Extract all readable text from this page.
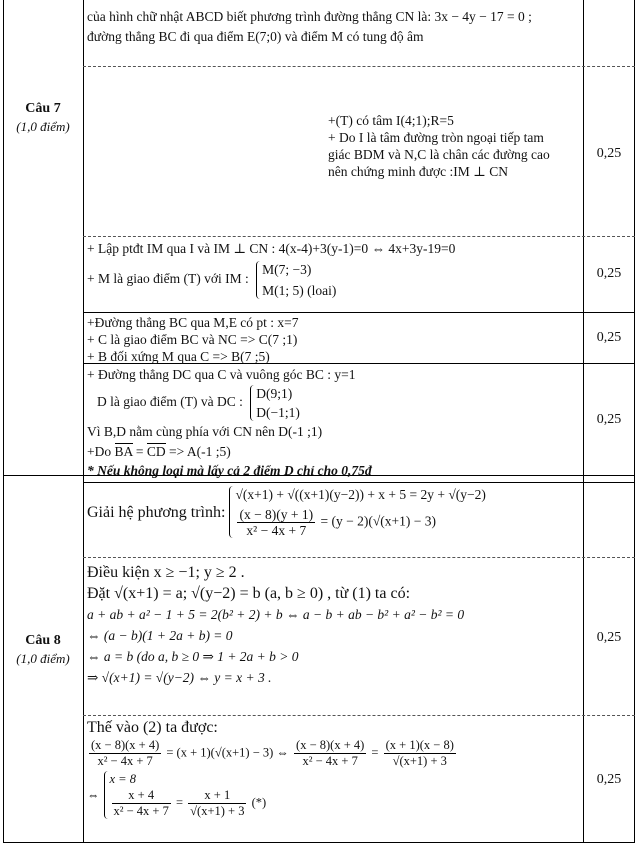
Câu 7
(1,0 điểm)
Câu 8
(1,0 điểm)
0,25
0,25
0,25
0,25
0,25
0,25
của hình chữ nhật ABCD biết phương trình đường thẳng CN là: 3x − 4y − 17 = 0 ;
đường thẳng BC đi qua điểm E(7;0) và điểm M có tung độ âm
+(T) có tâm I(4;1);R=5
+ Do I là tâm đường tròn ngoại tiếp tam
giác BDM và N,C là chân các đường cao
nên chứng minh được :IM ⊥ CN
+ Lập ptđt IM qua I và IM ⊥ CN : 4(x-4)+3(y-1)=0 ⇔ 4x+3y-19=0
+ M là giao điểm (T) với IM :
M(7; −3)
M(1; 5) (loai)
+Đường thẳng BC qua M,E có pt : x=7
+ C là giao điểm BC và NC => C(7 ;1)
+ B đối xứng M qua C => B(7 ;5)
+ Đường thẳng DC qua C và vuông góc BC : y=1
D là giao điểm (T) và DC :
D(9;1)
D(−1;1)
Vì B,D nằm cùng phía với CN nên D(-1 ;1)
+Do BA = CD => A(-1 ;5)
* Nếu không loại mà lấy cả 2 điểm D chỉ cho 0,75đ
Giải hệ phương trình:
√(x+1) + √((x+1)(y−2)) + x + 5 = 2y + √(y−2)
$\frac{(x - 8)(y + 1)}{\text{x² − 4x + 7}} = (y - 2)(√(x+1) - 3)$
Điều kiện x ≥ −1; y ≥ 2 .
Đặt √(x+1) = a; √(y−2) = b (a, b ≥ 0) , từ (1) ta có:
a + ab + a² − 1 + 5 = 2(b² + 2) + b ⇔ a − b + ab − b² + a² − b² = 0
⇔ (a − b)(1 + 2a + b) = 0
⇔ a = b (do a, b ≥ 0 ⇒ 1 + 2a + b > 0
⇒ √(x+1) = √(y−2) ⇔ y = x + 3 .
Thế vào (2) ta được:
$\frac{(x - 8)(x + 4)}{\text{x² − 4x + 7}} = (x + 1)(√(x+1) - 3)$ ⇔ $\frac{(x - 8)(x + 4)}{\text{x² − 4x + 7}} = \frac{(x + 1)(x - 8)}{√(x+1) + 3}$
⇔
x = 8
$\frac{x + 4}{\text{x² − 4x + 7}} = \frac{x + 1}{√(x+1) + 3}$ (*)
